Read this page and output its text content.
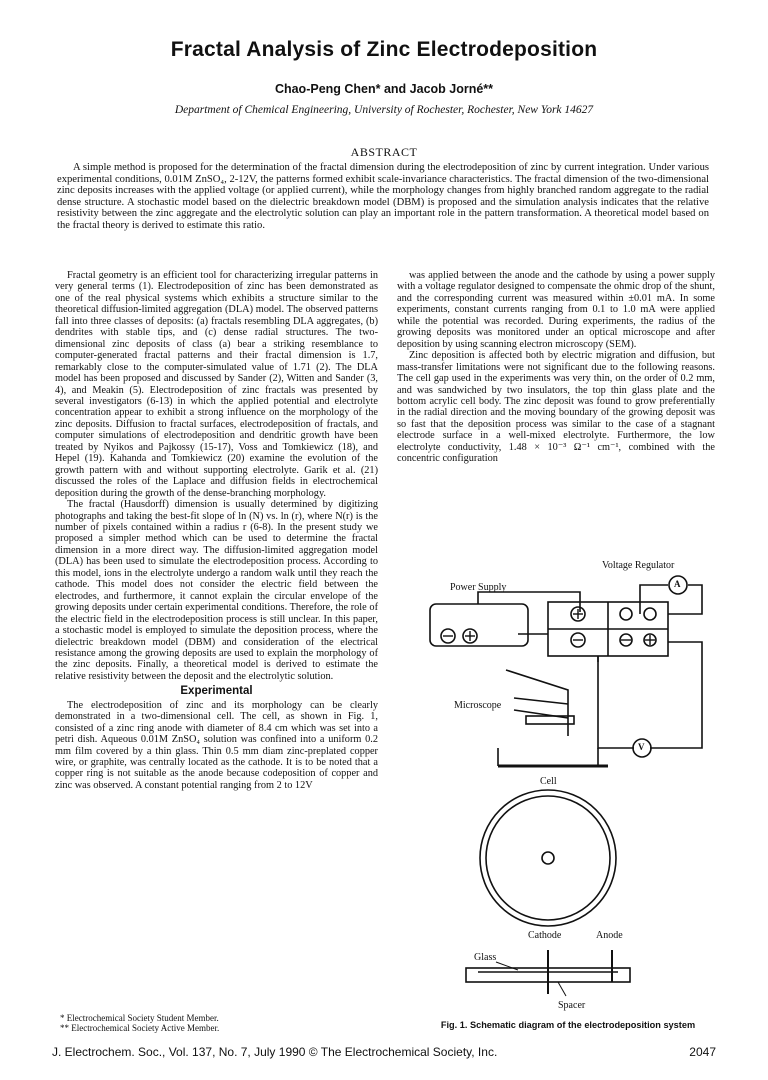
Fractal Analysis of Zinc Electrodeposition
Chao-Peng Chen* and Jacob Jorné**
Department of Chemical Engineering, University of Rochester, Rochester, New York 14627
ABSTRACT

A simple method is proposed for the determination of the fractal dimension during the electrodeposition of zinc by current integration. Under various experimental conditions, 0.01M ZnSO₄, 2-12V, the patterns formed exhibit scale-invariance characteristics. The fractal dimension of the two-dimensional zinc deposits increases with the applied voltage (or applied current), while the morphology changes from highly branched random aggregate to the radial dense structure. A stochastic model based on the dielectric breakdown model (DBM) is proposed and the simulation analysis indicates that the relative resistivity between the zinc aggregate and the electrolytic solution can play an important role in the pattern transformation. A theoretical model based on the fractal theory is derived to estimate this ratio.

Fractal geometry is an efficient tool for characterizing irregular patterns in very general terms (1). Electrodeposition of zinc has been demonstrated as one of the real physical systems which exhibits a structure similar to the theoretical diffusion-limited aggregation (DLA) model. The observed patterns fall into three classes of deposits: (a) fractals resembling DLA aggregates, (b) dendrites with stable tips, and (c) dense radial structures. The two-dimensional zinc deposits of class (a) bear a striking resemblance to computer-generated fractal patterns and their fractal dimension is 1.7, remarkably close to the computer-simulated value of 1.71 (2). The DLA model has been proposed and discussed by Sander (2), Witten and Sander (3, 4), and Meakin (5). Electrodeposition of zinc fractals was presented by several investigators (6-13) in which the applied potential and electrolyte concentration appear to exhibit a strong influence on the morphology of the zinc deposits. Diffusion to fractal surfaces, electrodeposition of fractals, and computer simulations of electrodeposition and dendritic growth have been treated by Nyikos and Pajkossy (15-17), Voss and Tomkiewicz (18), and Hepel (19). Kahanda and Tomkiewicz (20) examine the evolution of the growth pattern with and without supporting electrolyte. Garik et al. (21) discussed the roles of the Laplace and diffusion fields in electrochemical deposition during the growth of the dense-branching morphology.

The fractal (Hausdorff) dimension is usually determined by digitizing photographs and taking the best-fit slope of ln (N) vs. ln (r), where N(r) is the number of pixels contained within a radius r (6-8). In the present study we proposed a simpler method which can be used to determine the fractal dimension in a more direct way. The diffusion-limited aggregation model (DLA) has been used to simulate the electrodeposition process. According to this model, ions in the electrolyte undergo a random walk until they reach the cathode. This model does not consider the electric field between the electrodes, and furthermore, it cannot explain the circular envelope of the growing deposits under certain experimental conditions. Therefore, the role of the electric field in the electrodeposition process is still unclear. In this paper, a stochastic model is employed to simulate the deposition process, where the dielectric breakdown model (DBM) and consideration of the electrical resistance among the growing deposits are used to explain the morphology of the zinc deposits. Finally, a theoretical model is derived to estimate the relative resistivity between the deposit and the electrolytic solution.

Experimental

The electrodeposition of zinc and its morphology can be clearly demonstrated in a two-dimensional cell. The cell, as shown in Fig. 1, consisted of a zinc ring anode with diameter of 8.4 cm which was set into a petri dish. Aqueous 0.01M ZnSO₄ solution was confined into a uniform 0.2 mm film covered by a thin glass. Thin 0.5 mm diam zinc-preplated copper wire, or graphite, was centrally located as the cathode. It is to be noted that a copper ring is not suitable as the anode because codeposition of copper and zinc was observed. A constant potential ranging from 2 to 12V

was applied between the anode and the cathode by using a power supply with a voltage regulator designed to compensate the ohmic drop of the shunt, and the corresponding current was measured within ±0.01 mA. In some experiments, constant currents ranging from 0.1 to 1.0 mA were applied while the potential was recorded. During experiments, the radius of the growing deposits was monitored under an optical microscope and after deposition by using scanning electron microscopy (SEM).

Zinc deposition is affected both by electric migration and diffusion, but mass-transfer limitations were not significant due to the following reasons. The cell gap used in the experiments was very thin, on the order of 0.2 mm, and was sandwiched by two insulators, the top thin glass plate and the bottom acrylic cell body. The zinc deposit was found to grow preferentially in the radial direction and the moving boundary of the growing deposit was so fast that the deposition process was similar to the case of a stagnant electrode surface in a well-mixed electrolyte. Furthermore, the low electrolyte conductivity, 1.48 × 10⁻³ Ω⁻¹ cm⁻¹, combined with the concentric configuration

Voltage Regulator
Power Supply	A
V
Microscope
Cell
Cathode	Anode
Glass
Spacer
Fig. 1. Schematic diagram of the electrodeposition system
* Electrochemical Society Student Member.
** Electrochemical Society Active Member.
J. Electrochem. Soc., Vol. 137, No. 7, July 1990 © The Electrochemical Society, Inc.	2047
